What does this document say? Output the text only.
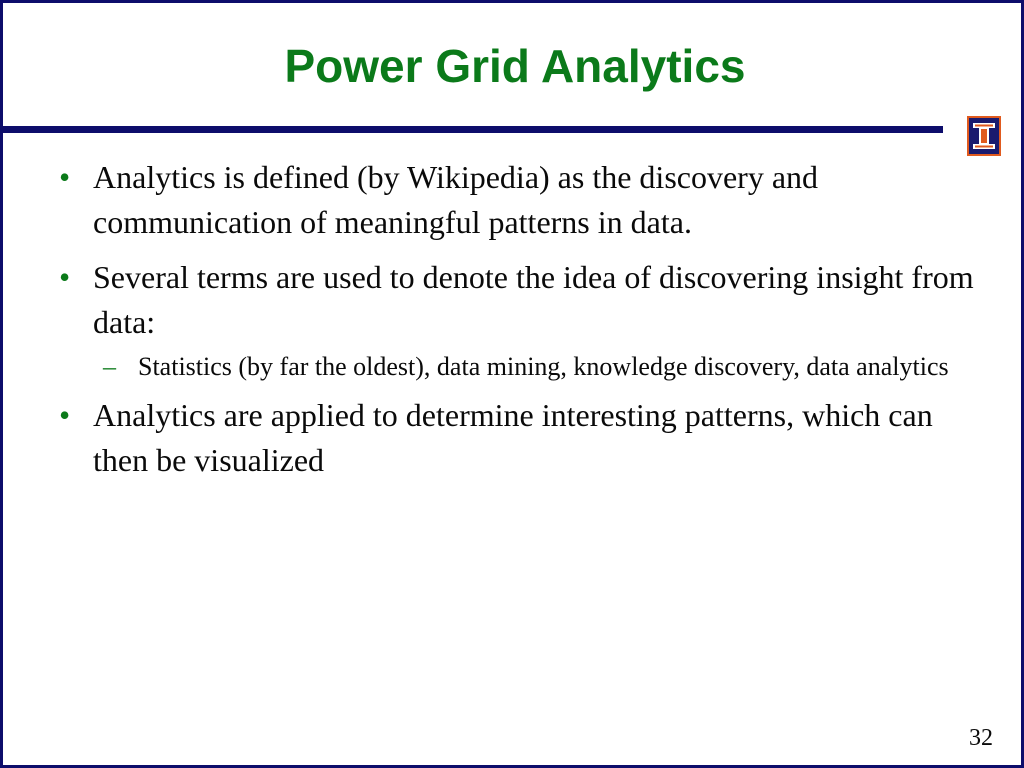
Power Grid Analytics
• Analytics is defined (by Wikipedia) as the discovery and communication of meaningful patterns in data.
• Several terms are used to denote the idea of discovering insight from data:
– Statistics (by far the oldest), data mining, knowledge discovery, data analytics
• Analytics are applied to determine interesting patterns, which can then be visualized
32
